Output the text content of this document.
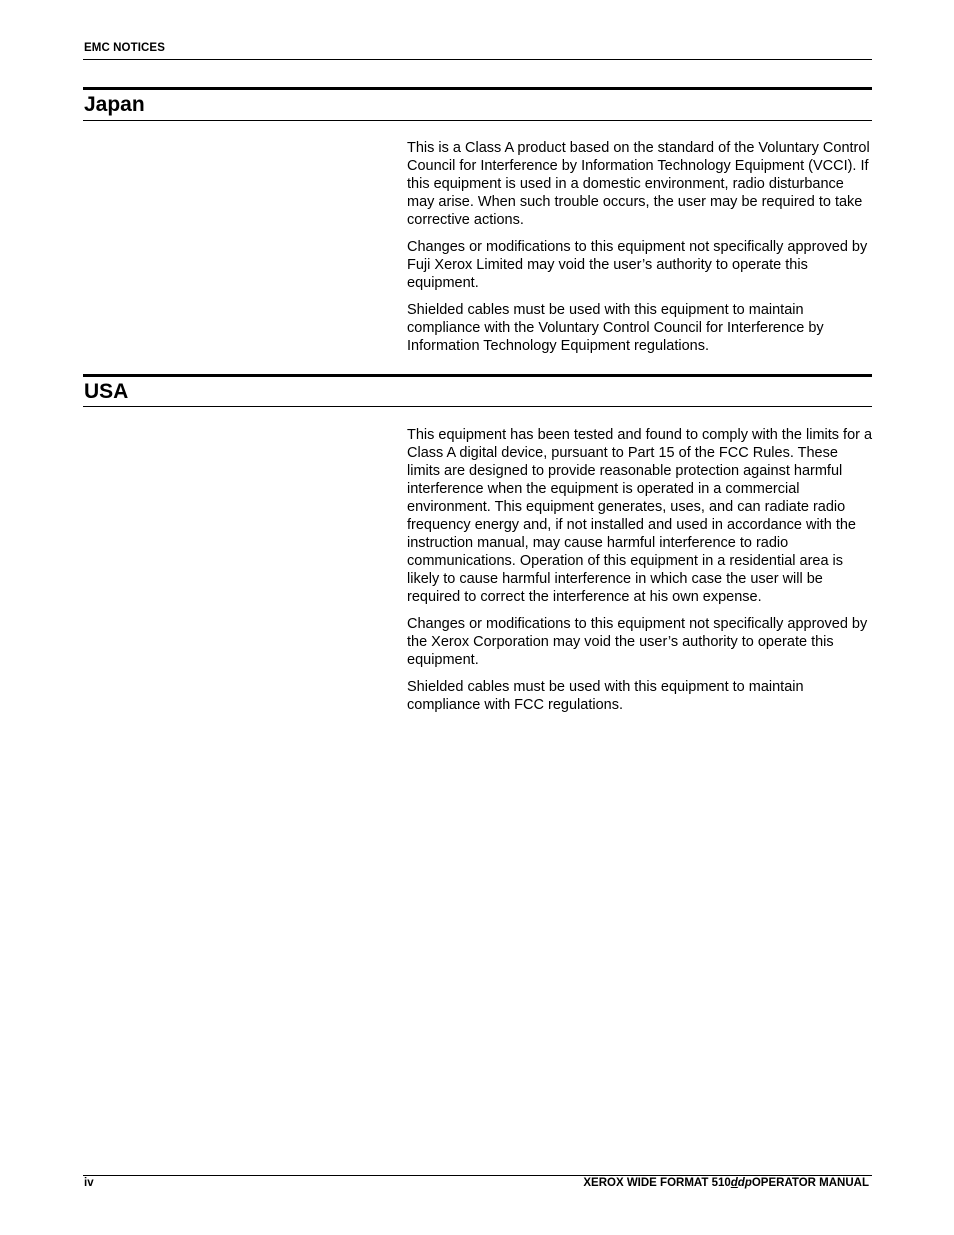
EMC NOTICES
Japan

This is a Class A product based on the standard of the Voluntary Control Council for Interference by Information Technology Equipment (VCCI). If this equipment is used in a domestic environment, radio disturbance may arise. When such trouble occurs, the user may be required to take corrective actions.

Changes or modifications to this equipment not specifically approved by Fuji Xerox Limited may void the user’s authority to operate this equipment.

Shielded cables must be used with this equipment to maintain compliance with the Voluntary Control Council for Interference by Information Technology Equipment regulations.

USA

This equipment has been tested and found to comply with the limits for a Class A digital device, pursuant to Part 15 of the FCC Rules. These limits are designed to provide reasonable protection against harmful interference when the equipment is operated in a commercial environment. This equipment generates, uses, and can radiate radio frequency energy and, if not installed and used in accordance with the instruction manual, may cause harmful interference to radio communications. Operation of this equipment in a residential area is likely to cause harmful interference in which case the user will be required to correct the interference at his own expense.

Changes or modifications to this equipment not specifically approved by the Xerox Corporation may void the user’s authority to operate this equipment.

Shielded cables must be used with this equipment to maintain compliance with FCC regulations.

iv	XEROX WIDE FORMAT 510ddpOPERATOR MANUAL
